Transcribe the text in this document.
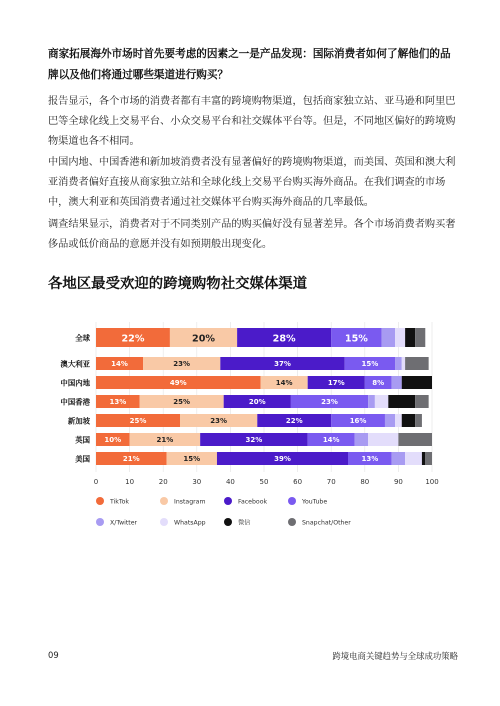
商家拓展海外市场时首先要考虑的因素之一是产品发现：国际消费者如何了解他们的品牌以及他们将通过哪些渠道进行购买？
报告显示，各个市场的消费者都有丰富的跨境购物渠道，包括商家独立站、亚马逊和阿里巴巴等全球化线上交易平台、小众交易平台和社交媒体平台等。但是，不同地区偏好的跨境购物渠道也各不相同。
中国内地、中国香港和新加坡消费者没有显著偏好的跨境购物渠道，而美国、英国和澳大利亚消费者偏好直接从商家独立站和全球化线上交易平台购买海外商品。在我们调查的市场中，澳大利亚和英国消费者通过社交媒体平台购买海外商品的几率最低。
调查结果显示，消费者对于不同类别产品的购买偏好没有显著差异。各个市场消费者购买奢侈品或低价商品的意愿并没有如预期般出现变化。
各地区最受欢迎的跨境购物社交媒体渠道
全球	22%	20%	28%	15%
澳大利亚	14%	23%	37%	15%
中国内地	49%	14%	17%	8%
中国香港	13%	25%	20%	23%
新加坡	25%	23%	22%	16%
英国 10%	21%	32%	14%
美国	21%	15%	39%	13%
0	10	20	30	40	50	60	70	80	90	100
TikTok	Instagram	Facebook	YouTube
X/Twitter	WhatsApp	微信	Snapchat/Other
09	跨境电商关键趋势与全球成功策略
